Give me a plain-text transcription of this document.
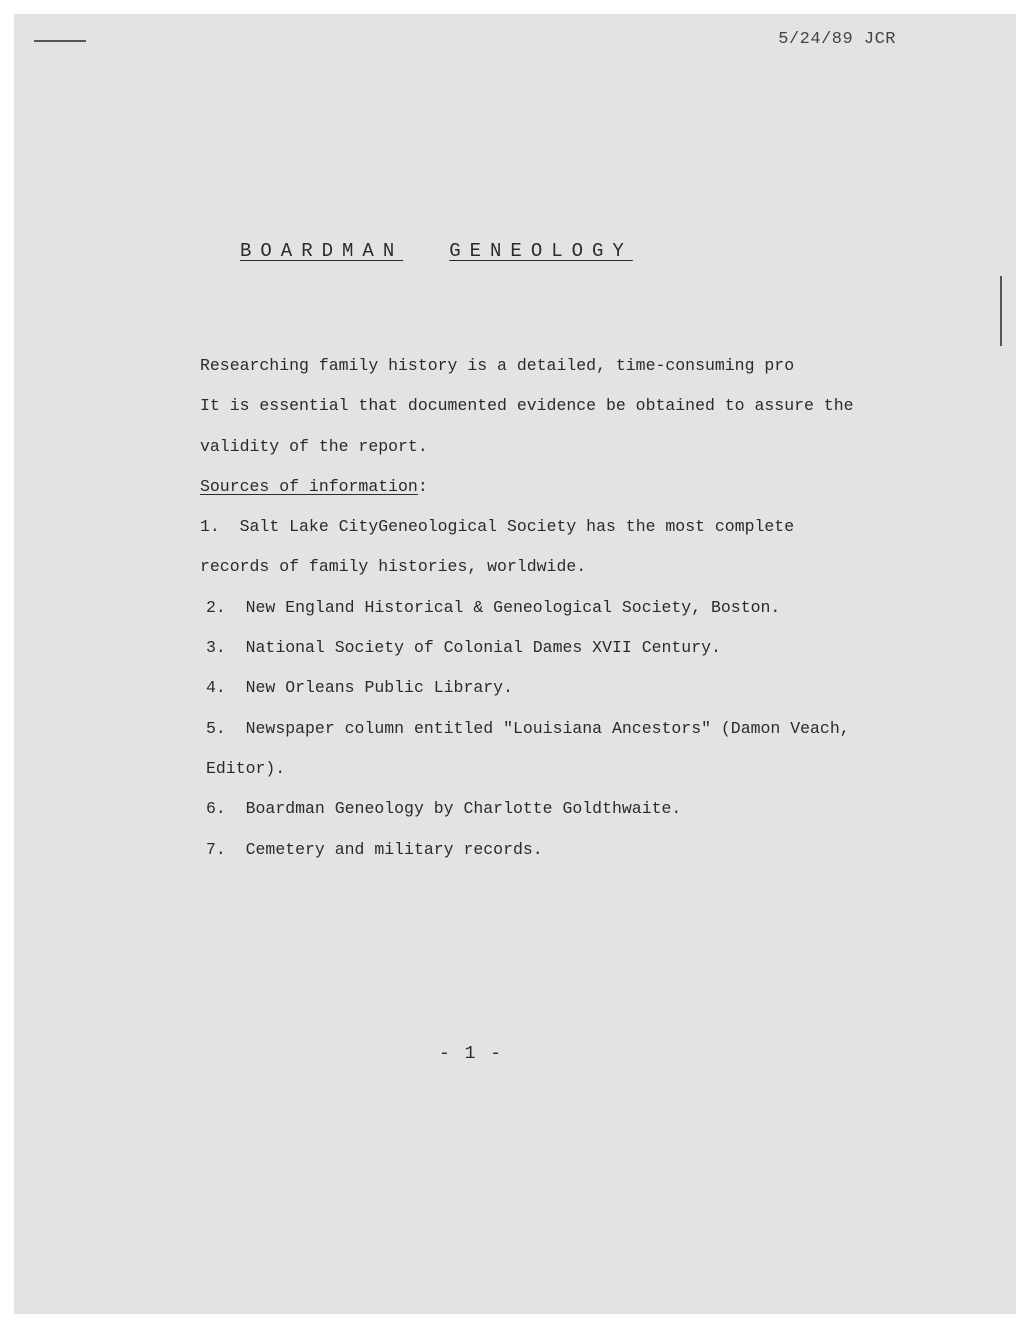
5/24/89 JCR
BOARDMAN GENEOLOGY
Researching family history is a detailed, time-consuming pro
It is essential that documented evidence be obtained to assure the
validity of the report.
Sources of information:
1. Salt Lake CityGeneological Society has the most complete
records of family histories, worldwide.
2. New England Historical & Geneological Society, Boston.
3. National Society of Colonial Dames XVII Century.
4. New Orleans Public Library.
5. Newspaper column entitled "Louisiana Ancestors" (Damon Veach,
Editor).
6. Boardman Geneology by Charlotte Goldthwaite.
7. Cemetery and military records.
- 1 -
